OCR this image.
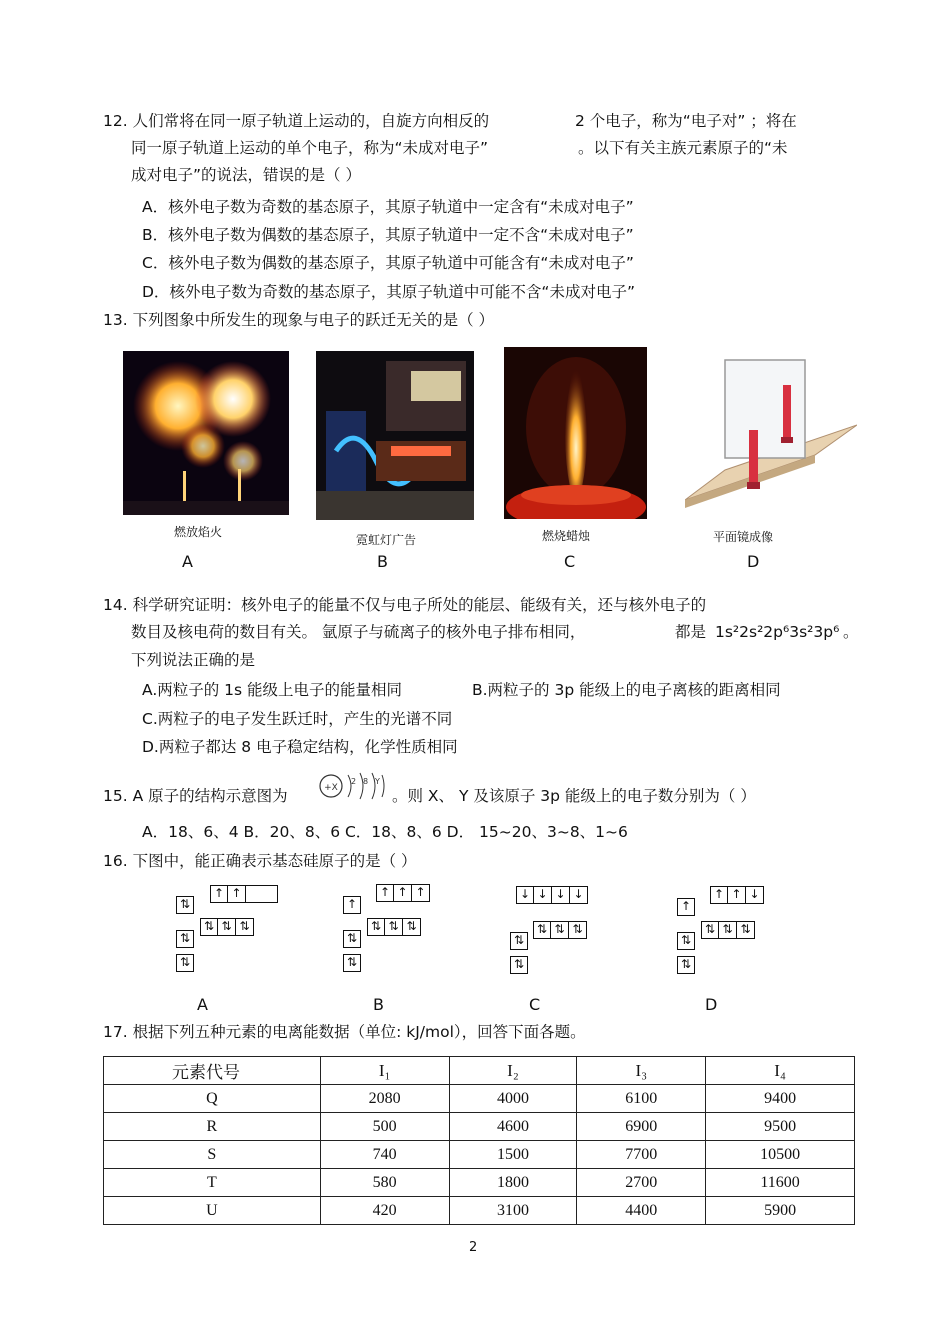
12. 人们常将在同一原子轨道上运动的，自旋方向相反的	2 个电子，称为“电子对” ；将在
同一原子轨道上运动的单个电子，称为“未成对电子”	。以下有关主族元素原子的“未
成对电子”的说法，错误的是（ ）
A．核外电子数为奇数的基态原子，其原子轨道中一定含有“未成对电子”
B．核外电子数为偶数的基态原子，其原子轨道中一定不含“未成对电子”
C．核外电子数为偶数的基态原子，其原子轨道中可能含有“未成对电子”
D．核外电子数为奇数的基态原子，其原子轨道中可能不含“未成对电子”
13. 下列图象中所发生的现象与电子的跃迁无关的是（ ）
燃放焰火
A
霓虹灯广告
B
燃烧蜡烛
C
平面镜成像
D
14. 科学研究证明：核外电子的能量不仅与电子所处的能层、能级有关，还与核外电子的
数目及核电荷的数目有关。 氩原子与硫离子的核外电子排布相同，	都是 1s²2s²2p⁶3s²3p⁶ 。
下列说法正确的是
A.两粒子的 1s 能级上电子的能量相同	B.两粒子的 3p 能级上的电子离核的距离相同
C.两粒子的电子发生跃迁时，产生的光谱不同
D.两粒子都达 8 电子稳定结构，化学性质相同
15. A 原子的结构示意图为	+X
2 8 Y
。则 X、 Y 及该原子 3p 能级上的电子数分别为（ ）
A．18、6、4 B．20、8、6 C．18、8、6 D． 15~20、3~8、1~6
16. 下图中，能正确表示基态硅原子的是（ ）
↑ ↑
⇅
⇅ ⇅ ⇅
⇅
⇅
↑ ↑ ↑
↑
⇅ ⇅ ⇅
⇅
⇅
↓ ↓ ↓ ↓
⇅ ⇅ ⇅
⇅
⇅
↑ ↑ ↓
↑
⇅ ⇅ ⇅
⇅
⇅
A	B	C	D
17. 根据下列五种元素的电离能数据（单位: kJ/mol），回答下面各题。
元素代号	I₁	I₂	I₃	I₄
Q	2080	4000	6100	9400
R	500	4600	6900	9500
S	740	1500	7700	10500
T	580	1800	2700	11600
U	420	3100	4400	5900
2
